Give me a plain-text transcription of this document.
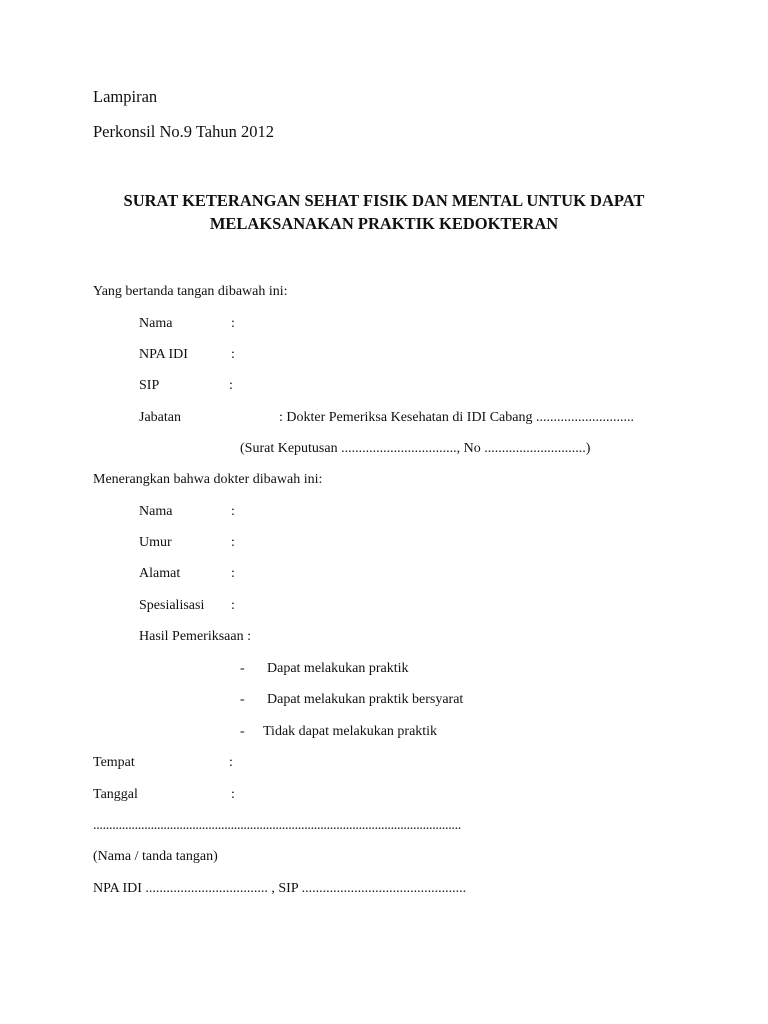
Lampiran
Perkonsil No.9 Tahun 2012
SURAT KETERANGAN SEHAT FISIK DAN MENTAL UNTUK DAPAT
MELAKSANAKAN PRAKTIK KEDOKTERAN
Yang bertanda tangan dibawah ini:
Nama	:
NPA IDI	:
SIP	:
Jabatan	: Dokter Pemeriksa Kesehatan di IDI Cabang ............................
(Surat Keputusan ................................., No .............................)
Menerangkan bahwa dokter dibawah ini:
Nama	:
Umur	:
Alamat	:
Spesialisasi :
Hasil Pemeriksaan :
- Dapat melakukan praktik
- Dapat melakukan praktik bersyarat
- Tidak dapat melakukan praktik
Tempat	:
Tanggal	:
...................................................................................................................
(Nama / tanda tangan)
NPA IDI ................................... , SIP ...............................................
